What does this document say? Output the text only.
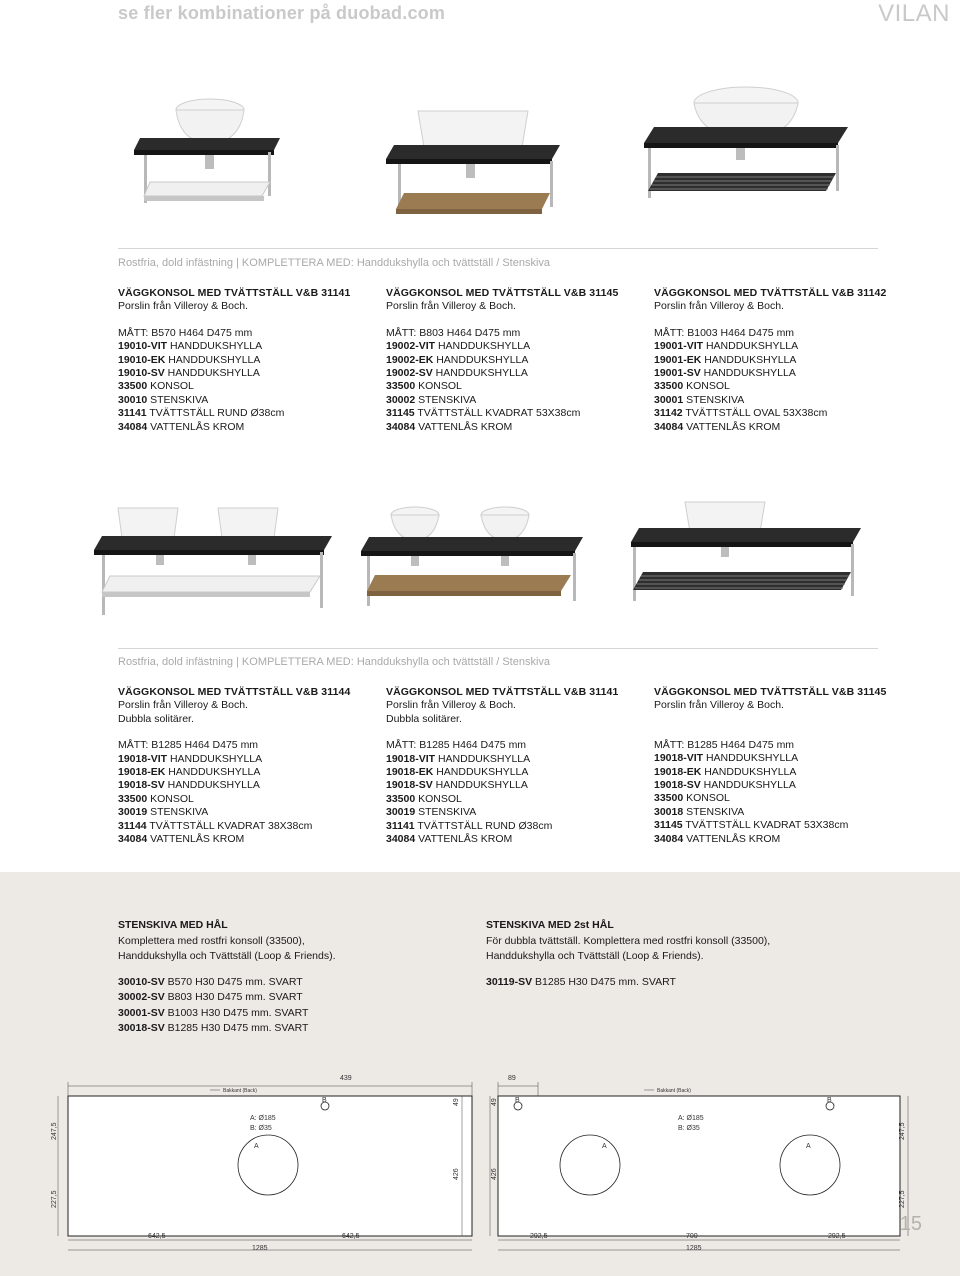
se fler kombinationer på duobad.com	VILAN
Rostfria, dold infästning | KOMPLETTERA MED: Handdukshylla och tvättställ / Stenskiva
VÄGGKONSOL MED TVÄTTSTÄLL V&B 31141
Porslin från Villeroy & Boch.
MÅTT: B570 H464 D475 mm
19010-VIT HANDDUKSHYLLA
19010-EK HANDDUKSHYLLA
19010-SV HANDDUKSHYLLA
33500 KONSOL
30010 STENSKIVA
31141 TVÄTTSTÄLL RUND Ø38cm
34084 VATTENLÅS KROM
VÄGGKONSOL MED TVÄTTSTÄLL V&B 31145
Porslin från Villeroy & Boch.
MÅTT: B803 H464 D475 mm
19002-VIT HANDDUKSHYLLA
19002-EK HANDDUKSHYLLA
19002-SV HANDDUKSHYLLA
33500 KONSOL
30002 STENSKIVA
31145 TVÄTTSTÄLL KVADRAT 53X38cm
34084 VATTENLÅS KROM
VÄGGKONSOL MED TVÄTTSTÄLL V&B 31142
Porslin från Villeroy & Boch.
MÅTT: B1003 H464 D475 mm
19001-VIT HANDDUKSHYLLA
19001-EK HANDDUKSHYLLA
19001-SV HANDDUKSHYLLA
33500 KONSOL
30001 STENSKIVA
31142 TVÄTTSTÄLL OVAL 53X38cm
34084 VATTENLÅS KROM
Rostfria, dold infästning | KOMPLETTERA MED: Handdukshylla och tvättställ / Stenskiva
VÄGGKONSOL MED TVÄTTSTÄLL V&B 31144
Porslin från Villeroy & Boch.
Dubbla solitärer.
MÅTT: B1285 H464 D475 mm
19018-VIT HANDDUKSHYLLA
19018-EK HANDDUKSHYLLA
19018-SV HANDDUKSHYLLA
33500 KONSOL
30019 STENSKIVA
31144 TVÄTTSTÄLL KVADRAT 38X38cm
34084 VATTENLÅS KROM
VÄGGKONSOL MED TVÄTTSTÄLL V&B 31141
Porslin från Villeroy & Boch.
Dubbla solitärer.
MÅTT: B1285 H464 D475 mm
19018-VIT HANDDUKSHYLLA
19018-EK HANDDUKSHYLLA
19018-SV HANDDUKSHYLLA
33500 KONSOL
30019 STENSKIVA
31141 TVÄTTSTÄLL RUND Ø38cm
34084 VATTENLÅS KROM
VÄGGKONSOL MED TVÄTTSTÄLL V&B 31145
Porslin från Villeroy & Boch.
MÅTT: B1285 H464 D475 mm
19018-VIT HANDDUKSHYLLA
19018-EK HANDDUKSHYLLA
19018-SV HANDDUKSHYLLA
33500 KONSOL
30018 STENSKIVA
31145 TVÄTTSTÄLL KVADRAT 53X38cm
34084 VATTENLÅS KROM
STENSKIVA MED HÅL
Komplettera med rostfri konsoll (33500),
Handdukshylla och Tvättställ (Loop & Friends).
30010-SV B570 H30 D475 mm. SVART
30002-SV B803 H30 D475 mm. SVART
30001-SV B1003 H30 D475 mm. SVART
30018-SV B1285 H30 D475 mm. SVART
STENSKIVA MED 2st HÅL
För dubbla tvättställ. Komplettera med rostfri konsoll (33500),
Handdukshylla och Tvättställ (Loop & Friends).
30119-SV B1285 H30 D475 mm. SVART
439
Bakkant (Back)
A: Ø185
B: Ø35
A
B	49
426
247,5
227,5
642,5	642,5
1285
89
Bakkant (Back)
A: Ø185
B: Ø35
A	A
B	B
49
426
247,5
227,5
292,5	700	292,5
1285
15
